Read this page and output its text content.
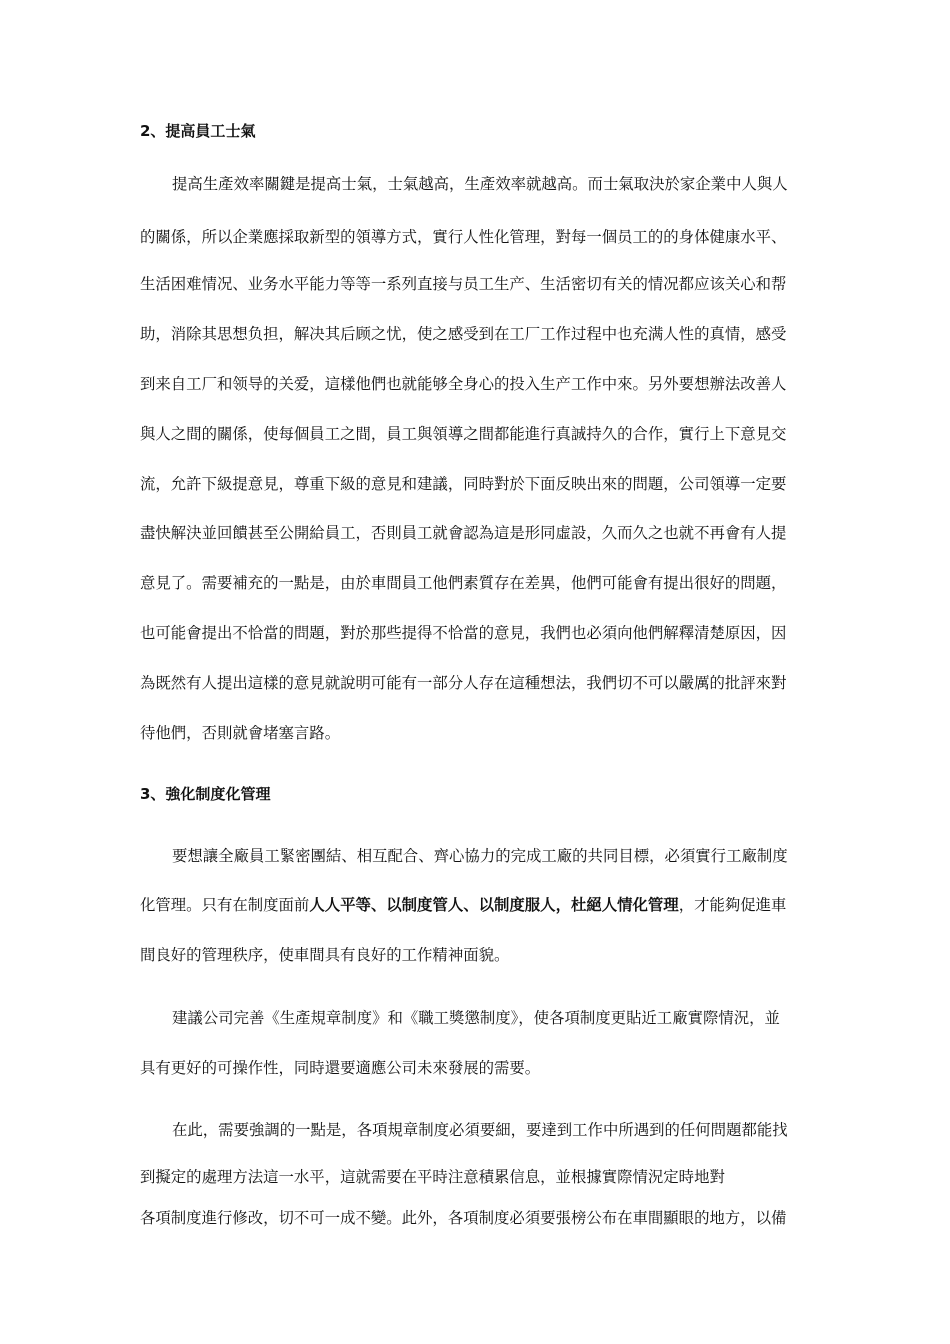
2、提高員工士氣
提高生產效率關鍵是提高士氣，士氣越高，生產效率就越高。而士氣取決於家企業中人與人
的關係，所以企業應採取新型的領導方式，實行人性化管理，對每一個员工的的身体健康水平、
生活困难情况、业务水平能力等等一系列直接与员工生产、生活密切有关的情况都应该关心和帮
助，消除其思想负担，解决其后顾之忧，使之感受到在工厂工作过程中也充满人性的真情，感受
到来自工厂和领导的关爱，這樣他們也就能够全身心的投入生产工作中來。另外要想辦法改善人
與人之間的關係，使每個員工之間，員工與領導之間都能進行真誠持久的合作，實行上下意見交
流，允許下級提意見，尊重下級的意見和建議，同時對於下面反映出來的問題，公司領導一定要
盡快解決並回饋甚至公開給員工，否則員工就會認為這是形同虛設，久而久之也就不再會有人提
意見了。需要補充的一點是，由於車間員工他們素質存在差異，他們可能會有提出很好的問題，
也可能會提出不恰當的問題，對於那些提得不恰當的意見，我們也必須向他們解釋清楚原因，因
為既然有人提出這樣的意見就說明可能有一部分人存在這種想法，我們切不可以嚴厲的批評來對
待他們，否則就會堵塞言路。
3、強化制度化管理
要想讓全廠員工緊密團結、相互配合、齊心協力的完成工廠的共同目標，必須實行工廠制度
化管理。只有在制度面前人人平等、以制度管人、以制度服人，杜絕人情化管理，才能夠促進車
間良好的管理秩序，使車間具有良好的工作精神面貌。
建議公司完善《生產規章制度》和《職工獎懲制度》，使各項制度更貼近工廠實際情況，並
具有更好的可操作性，同時還要適應公司未來發展的需要。
在此，需要強調的一點是，各項規章制度必須要細，要達到工作中所遇到的任何問題都能找
到擬定的處理方法這一水平，這就需要在平時注意積累信息，並根據實際情況定時地對
各項制度進行修改，切不可一成不變。此外，各項制度必須要張榜公布在車間顯眼的地方，以備
